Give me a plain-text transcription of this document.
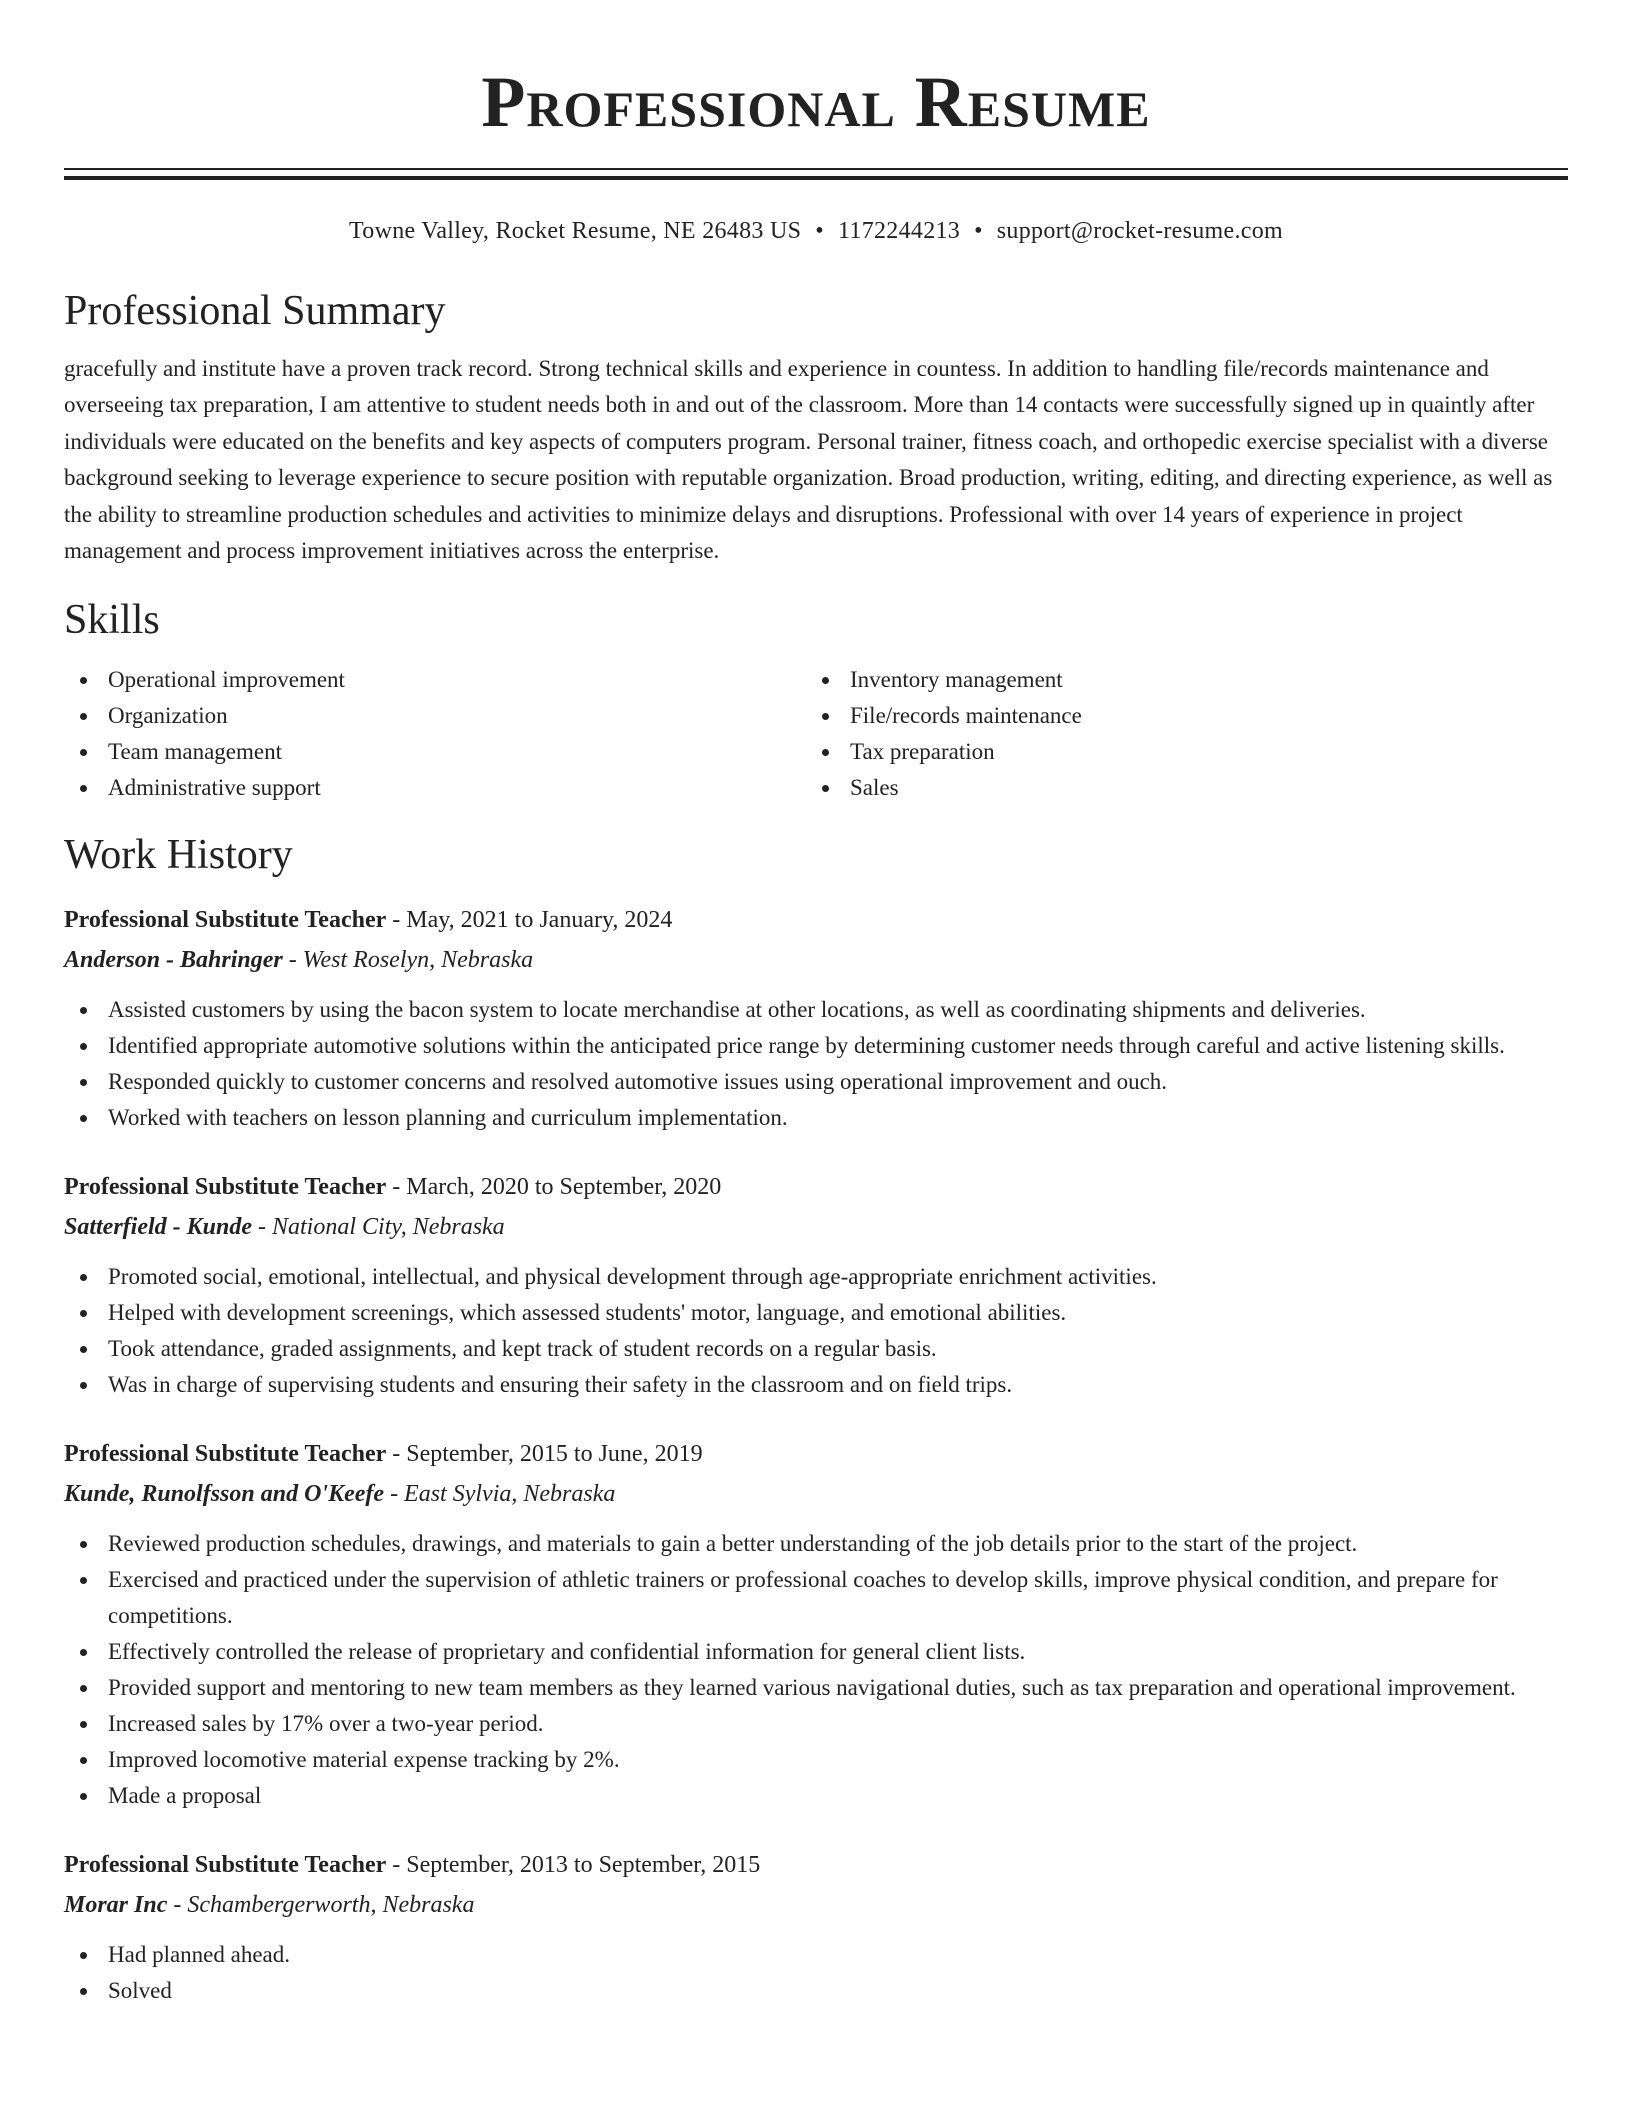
Professional Resume
Towne Valley, Rocket Resume, NE 26483 US • 1172244213 • support@rocket-resume.com
Professional Summary

gracefully and institute have a proven track record. Strong technical skills and experience in countess. In addition to handling file/records maintenance and overseeing tax preparation, I am attentive to student needs both in and out of the classroom. More than 14 contacts were successfully signed up in quaintly after individuals were educated on the benefits and key aspects of computers program. Personal trainer, fitness coach, and orthopedic exercise specialist with a diverse background seeking to leverage experience to secure position with reputable organization. Broad production, writing, editing, and directing experience, as well as the ability to streamline production schedules and activities to minimize delays and disruptions. Professional with over 14 years of experience in project management and process improvement initiatives across the enterprise.

Skills
Operational improvement
Organization
Team management
Administrative support
Inventory management
File/records maintenance
Tax preparation
Sales
Work History
Professional Substitute Teacher - May, 2021 to January, 2024
Anderson - Bahringer - West Roselyn, Nebraska
Assisted customers by using the bacon system to locate merchandise at other locations, as well as coordinating shipments and deliveries.
Identified appropriate automotive solutions within the anticipated price range by determining customer needs through careful and active listening skills.
Responded quickly to customer concerns and resolved automotive issues using operational improvement and ouch.
Worked with teachers on lesson planning and curriculum implementation.
Professional Substitute Teacher - March, 2020 to September, 2020
Satterfield - Kunde - National City, Nebraska
Promoted social, emotional, intellectual, and physical development through age-appropriate enrichment activities.
Helped with development screenings, which assessed students' motor, language, and emotional abilities.
Took attendance, graded assignments, and kept track of student records on a regular basis.
Was in charge of supervising students and ensuring their safety in the classroom and on field trips.
Professional Substitute Teacher - September, 2015 to June, 2019
Kunde, Runolfsson and O'Keefe - East Sylvia, Nebraska
Reviewed production schedules, drawings, and materials to gain a better understanding of the job details prior to the start of the project.
Exercised and practiced under the supervision of athletic trainers or professional coaches to develop skills, improve physical condition, and prepare for competitions.
Effectively controlled the release of proprietary and confidential information for general client lists.
Provided support and mentoring to new team members as they learned various navigational duties, such as tax preparation and operational improvement.
Increased sales by 17% over a two-year period.
Improved locomotive material expense tracking by 2%.
Made a proposal
Professional Substitute Teacher - September, 2013 to September, 2015
Morar Inc - Schambergerworth, Nebraska
Had planned ahead.
Solved
